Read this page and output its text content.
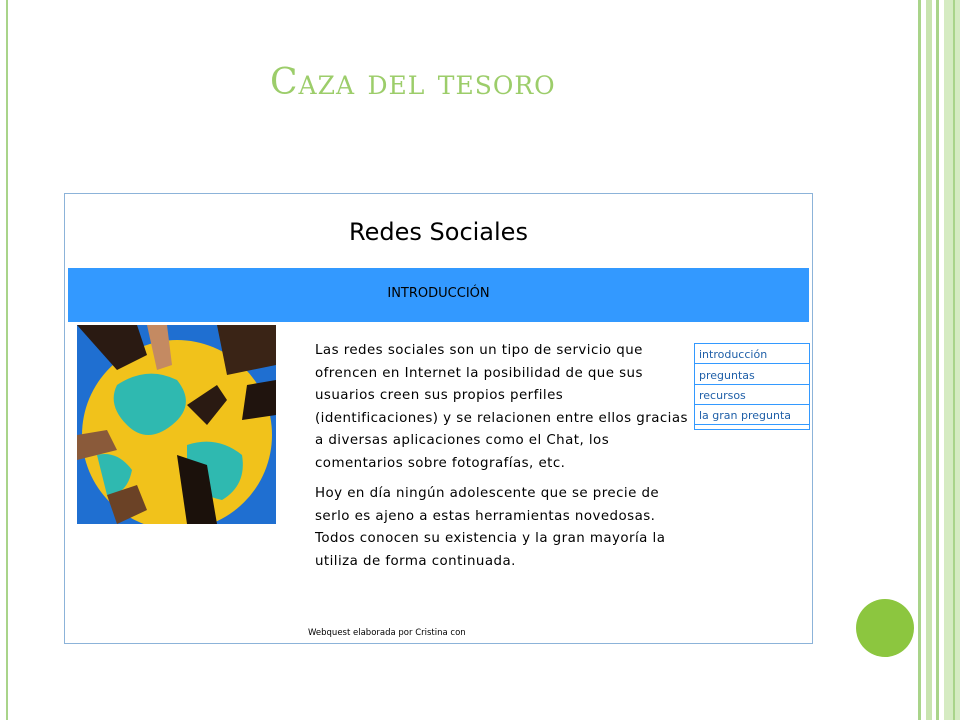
Caza del tesoro
Redes Sociales
INTRODUCCIÓN

Las redes sociales son un tipo de servicio que ofrencen en Internet la posibilidad de que sus usuarios creen sus propios perfiles (identificaciones) y se relacionen entre ellos gracias a diversas aplicaciones como el Chat, los comentarios sobre fotografías, etc.

Hoy en día ningún adolescente que se precie de serlo es ajeno a estas herramientas novedosas. Todos conocen su existencia y la gran mayoría la utiliza de forma continuada.

introducción
preguntas
recursos
la gran pregunta
Webquest elaborada por Cristina con
